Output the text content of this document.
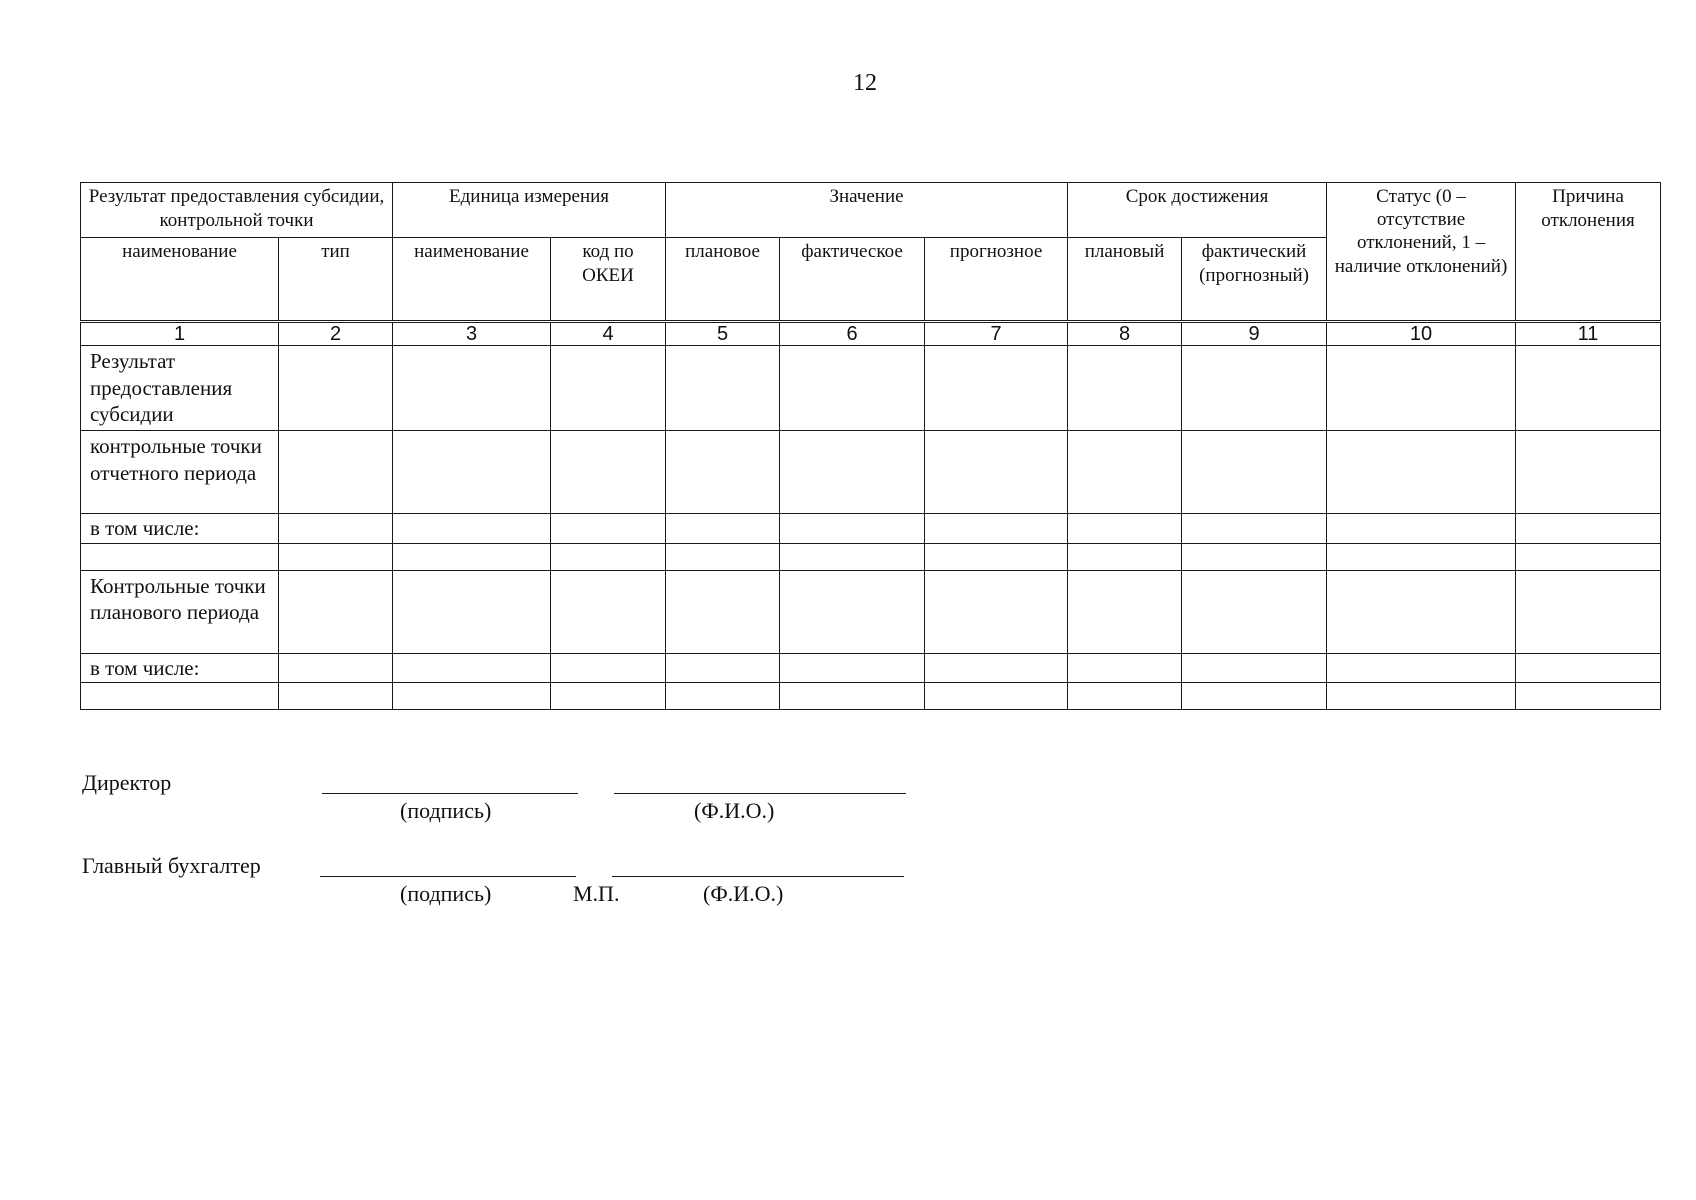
12
Результат предоставления субсидии, контрольной точки		Единица измерения		Значение			Срок достижения		Статус (0 – отсутствие отклонений, 1 – наличие отклонений)	Причина отклонения
наименование	тип	наименование	код по ОКЕИ	плановое	фактическое	прогнозное	плановый	фактический (прогнозный)		
1	2	3	4	5	6	7	8	9	10	11
Результат предоставления субсидии										
контрольные точки отчетного периода										
в том числе:										

Контрольные точки планового периода										
в том числе:										

Директор
(подпись)	(Ф.И.О.)
Главный бухгалтер
(подпись)	М.П.	(Ф.И.О.)
